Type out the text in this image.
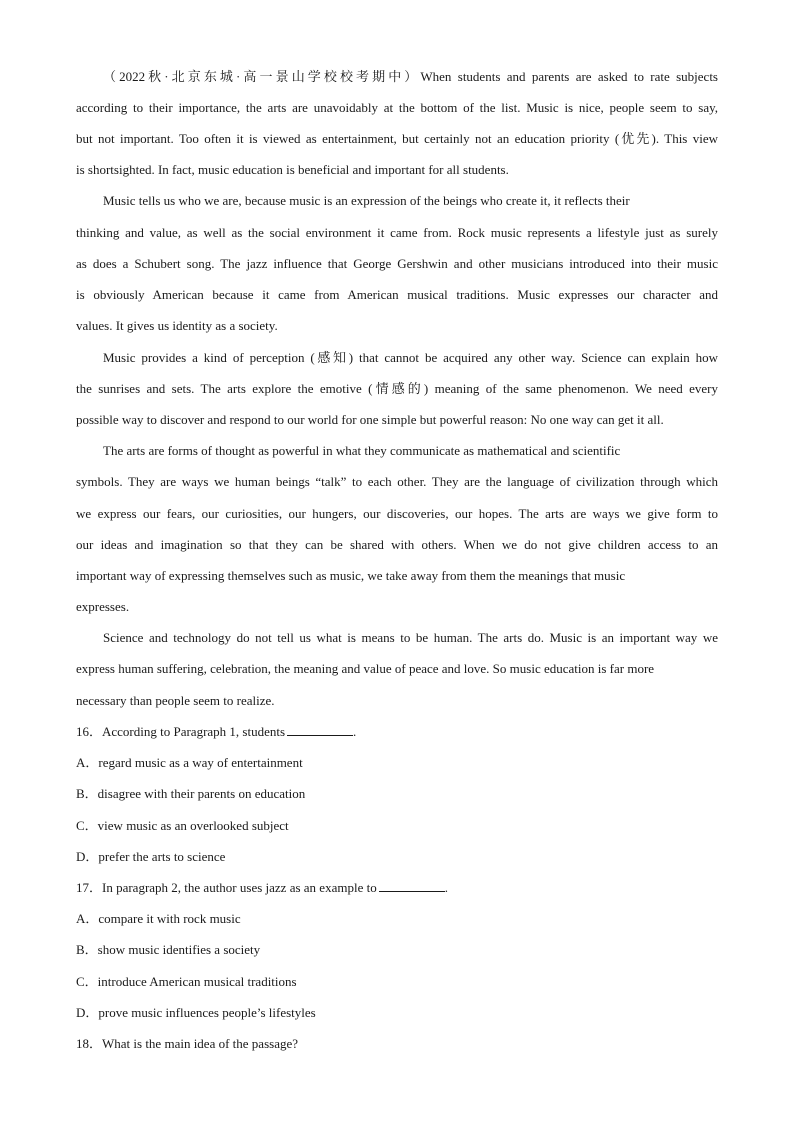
（2022秋·北京东城·高一景山学校校考期中）When students and parents are asked to rate subjects
according to their importance, the arts are unavoidably at the bottom of the list. Music is nice, people seem to say,
but not important. Too often it is viewed as entertainment, but certainly not an education priority (优先). This view
is shortsighted. In fact, music education is beneficial and important for all students.
Music tells us who we are, because music is an expression of the beings who create it, it reflects their
thinking and value, as well as the social environment it came from. Rock music represents a lifestyle just as surely
as does a Schubert song. The jazz influence that George Gershwin and other musicians introduced into their music
is obviously American because it came from American musical traditions. Music expresses our character and
values. It gives us identity as a society.
Music provides a kind of perception (感知) that cannot be acquired any other way. Science can explain how
the sunrises and sets. The arts explore the emotive (情感的) meaning of the same phenomenon. We need every
possible way to discover and respond to our world for one simple but powerful reason: No one way can get it all.
The arts are forms of thought as powerful in what they communicate as mathematical and scientific
symbols. They are ways we human beings “talk” to each other. They are the language of civilization through which
we express our fears, our curiosities, our hungers, our discoveries, our hopes. The arts are ways we give form to
our ideas and imagination so that they can be shared with others. When we do not give children access to an
important way of expressing themselves such as music, we take away from them the meanings that music
expresses.
Science and technology do not tell us what is means to be human. The arts do. Music is an important way we
express human suffering, celebration, the meaning and value of peace and love. So music education is far more
necessary than people seem to realize.
16．According to Paragraph 1, students	.
A．regard music as a way of entertainment
B．disagree with their parents on education
C．view music as an overlooked subject
D．prefer the arts to science
17．In paragraph 2, the author uses jazz as an example to	.
A．compare it with rock music
B．show music identifies a society
C．introduce American musical traditions
D．prove music influences people’s lifestyles
18．What is the main idea of the passage?
